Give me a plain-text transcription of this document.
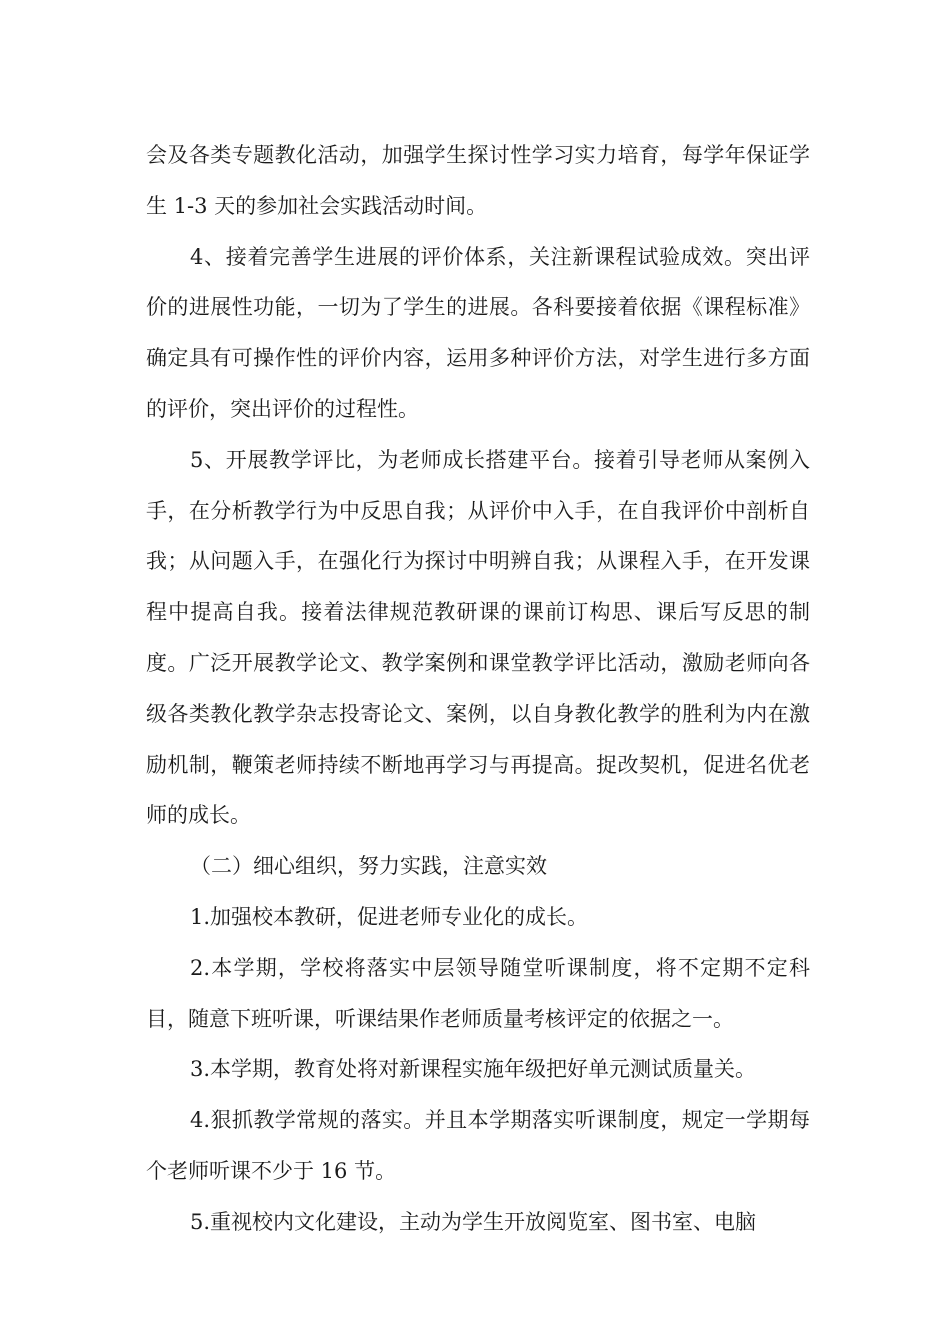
会及各类专题教化活动，加强学生探讨性学习实力培育，每学年保证学生 1-3 天的参加社会实践活动时间。

4、接着完善学生进展的评价体系，关注新课程试验成效。突出评价的进展性功能，一切为了学生的进展。各科要接着依据《课程标准》确定具有可操作性的评价内容，运用多种评价方法，对学生进行多方面的评价，突出评价的过程性。

5、开展教学评比，为老师成长搭建平台。接着引导老师从案例入手，在分析教学行为中反思自我；从评价中入手，在自我评价中剖析自我；从问题入手，在强化行为探讨中明辨自我；从课程入手，在开发课程中提高自我。接着法律规范教研课的课前订构思、课后写反思的制度。广泛开展教学论文、教学案例和课堂教学评比活动，激励老师向各级各类教化教学杂志投寄论文、案例，以自身教化教学的胜利为内在激励机制，鞭策老师持续不断地再学习与再提高。捉改契机，促进名优老师的成长。

（二）细心组织，努力实践，注意实效

1.加强校本教研，促进老师专业化的成长。

2.本学期，学校将落实中层领导随堂听课制度，将不定期不定科目，随意下班听课，听课结果作老师质量考核评定的依据之一。

3.本学期，教育处将对新课程实施年级把好单元测试质量关。

4.狠抓教学常规的落实。并且本学期落实听课制度，规定一学期每个老师听课不少于 16 节。

5.重视校内文化建设，主动为学生开放阅览室、图书室、电脑
